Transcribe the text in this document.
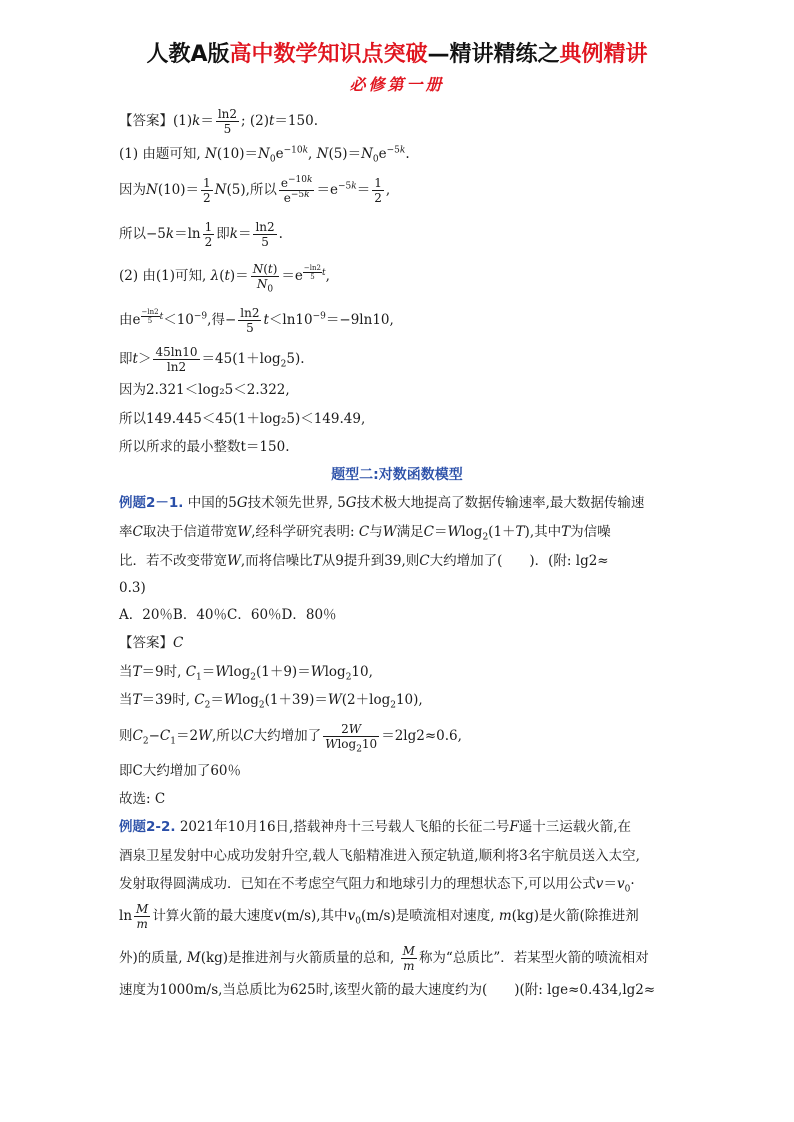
人教A版高中数学知识点突破—精讲精练之典例精讲
必修第一册
【答案】$(1)k= \frac{\ln 2}{5}$ ; (2)t＝150.
(1) 由题可知, $N(10)=N_0e^{-10k}$, $N(5)=N_0e^{-5k}$.
因为$N(10)= \frac{1}{2} N(5)$,所以 $\frac{e^{-10k}}{e^{-5k}} =e^{-5k}= \frac{1}{2}$ ,
所以$-5k=\ln \frac{1}{2}$ 即$k= \frac{\ln 2}{5}$ .
(2) 由(1)可知, $\lambda(t)= \frac{N(t)}{N_0} =e$ $^{\frac{-\ln 2}{5}t}$,
由e $^{\frac{-\ln 2}{5}t}<10^{-9}$,得− $\frac{\ln 2}{5} t<\ln 10^{-9}=-9\ln 10$,
即$t> \frac{45\ln 10}{\ln 2} =45(1+\log_25)$.
因为2.321＜log₂5＜2.322,
所以149.445＜45(1＋log₂5)＜149.49,
所以所求的最小整数t＝150.
题型二:对数函数模型
例题2－1. 中国的5G技术领先世界, 5G技术极大地提高了数据传输速率,最大数据传输速
率C取决于信道带宽W,经科学研究表明: C与W满足C＝Wlog$_2$(1＋T),其中T为信噪
比．若不改变带宽W,而将信噪比T从9提升到39,则C大约增加了(　　)．(附: lg2≈
0.3)
A．20％B．40％C．60％D．80％
【答案】C
当T＝9时, $C_1=Wlog_2(1+9)=Wlog_210$,
当T＝39时, $C_2=Wlog_2(1+39)=W(2+\log_210)$,
则$C_2-C_1=2W$,所以C大约增加了 $\frac{2W}{Wlog_210} =2\lg 2\approx 0.6$,
即C大约增加了60％
故选: C
例题2-2. 2021年10月16日,搭载神舟十三号载人飞船的长征二号F遥十三运载火箭,在
酒泉卫星发射中心成功发射升空,载人飞船精准进入预定轨道,顺利将3名宇航员送入太空,
发射取得圆满成功．已知在不考虑空气阻力和地球引力的理想状态下,可以用公式$v=v_0\cdot$
$\ln \frac{M}{m}$ 计算火箭的最大速度v(m/s),其中$v_0(m/s)$是喷流相对速度, m(kg)是火箭(除推进剂
外)的质量, M(kg)是推进剂与火箭质量的总和, $\frac{M}{m}$ 称为“总质比”．若某型火箭的喷流相对
速度为1000m/s,当总质比为625时,该型火箭的最大速度约为(　　)(附: lge≈0.434,lg2≈
